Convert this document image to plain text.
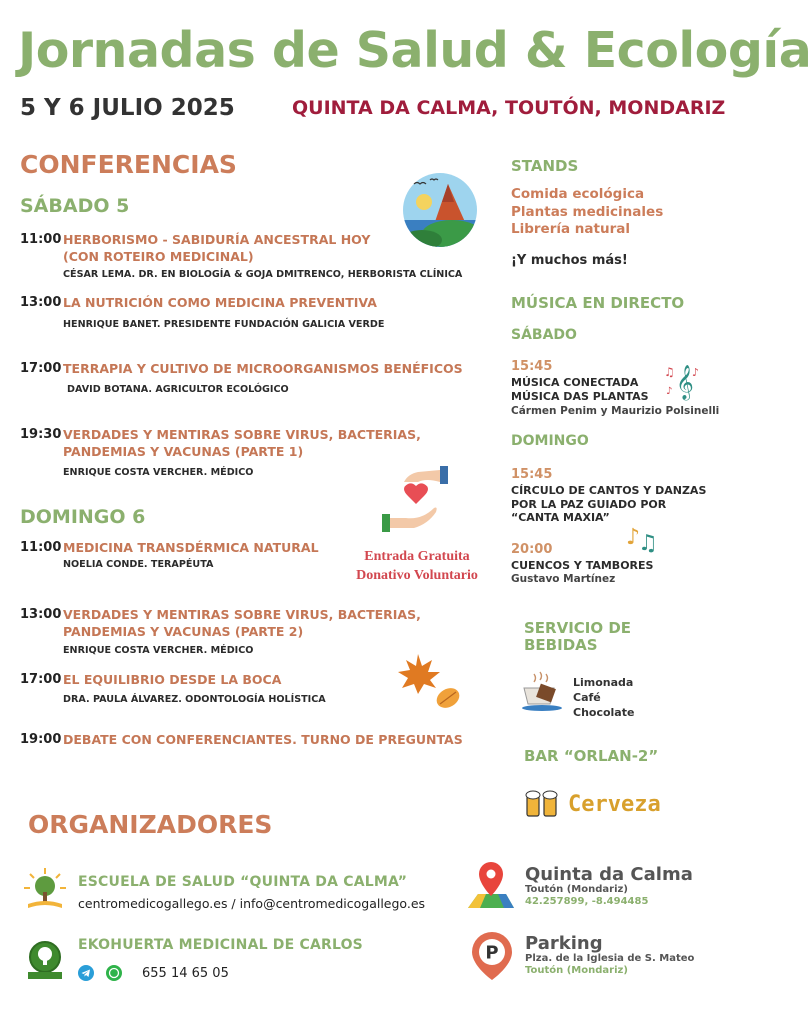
Jornadas de Salud & Ecología
5 Y 6 JULIO 2025	QUINTA DA CALMA, TOUTÓN, MONDARIZ
CONFERENCIAS
SÁBADO 5
11:00 HERBORISMO - SABIDURÍA ANCESTRAL HOY (CON ROTEIRO MEDICINAL)
CÉSAR LEMA. DR. EN BIOLOGÍA & GOJA DMITRENCO, HERBORISTA CLÍNICA
13:00 LA NUTRICIÓN COMO MEDICINA PREVENTIVA
HENRIQUE BANET. PRESIDENTE FUNDACIÓN GALICIA VERDE
17:00 TERRAPIA Y CULTIVO DE MICROORGANISMOS BENÉFICOS
DAVID BOTANA. AGRICULTOR ECOLÓGICO
19:30 VERDADES Y MENTIRAS SOBRE VIRUS, BACTERIAS, PANDEMIAS Y VACUNAS (PARTE 1)
ENRIQUE COSTA VERCHER. MÉDICO
Entrada Gratuita
Donativo Voluntario
DOMINGO 6
11:00 MEDICINA TRANSDÉRMICA NATURAL
NOELIA CONDE. TERAPÉUTA
13:00 VERDADES Y MENTIRAS SOBRE VIRUS, BACTERIAS, PANDEMIAS Y VACUNAS (PARTE 2)
ENRIQUE COSTA VERCHER. MÉDICO
17:00 EL EQUILIBRIO DESDE LA BOCA
DRA. PAULA ÁLVAREZ. ODONTOLOGÍA HOLÍSTICA
19:00 DEBATE CON CONFERENCIANTES. TURNO DE PREGUNTAS
STANDS
Comida ecológica
Plantas medicinales
Librería natural
¡Y muchos más!
MÚSICA EN DIRECTO
SÁBADO
15:45
MÚSICA CONECTADA
MÚSICA DAS PLANTAS
Cármen Penim y Maurizio Polsinelli
𝄞
♫ ♪
♪
DOMINGO
15:45
CÍRCULO DE CANTOS Y DANZAS
POR LA PAZ GUIADO POR
“CANTA MAXIA”
20:00
CUENCOS Y TAMBORES
Gustavo Martínez
♪
♫
SERVICIO DE
BEBIDAS
Limonada
Café
Chocolate
BAR “ORLAN-2”
Cerveza
ORGANIZADORES
ESCUELA DE SALUD “QUINTA DA CALMA”
centromedicogallego.es / info@centromedicogallego.es
EKOHUERTA MEDICINAL DE CARLOS
655 14 65 05
Quinta da Calma
Toutón (Mondariz)
42.257899, -8.494485
P Parking
Plza. de la Iglesia de S. Mateo
Toutón (Mondariz)
